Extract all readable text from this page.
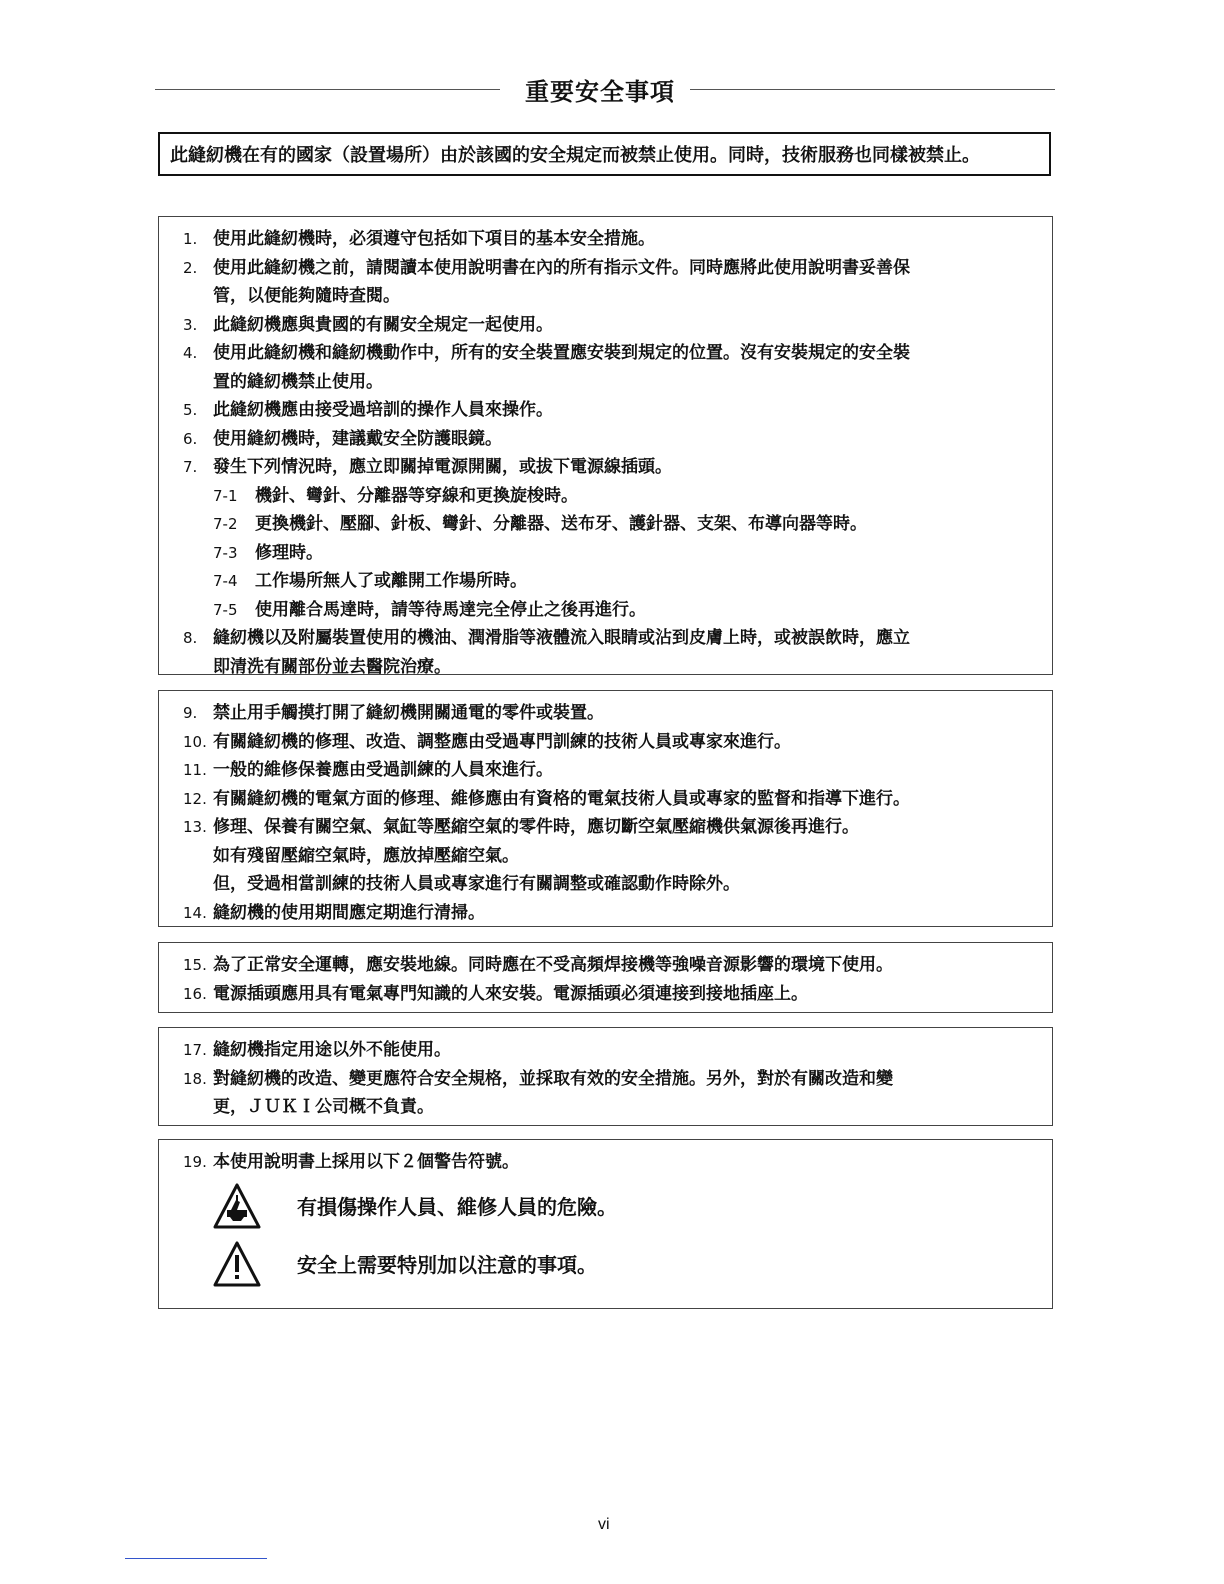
重要安全事項
此縫紉機在有的國家（設置場所）由於該國的安全規定而被禁止使用。同時，技術服務也同樣被禁止。
1. 使用此縫紉機時，必須遵守包括如下項目的基本安全措施。
2. 使用此縫紉機之前，請閱讀本使用說明書在內的所有指示文件。同時應將此使用說明書妥善保
管，以便能夠隨時查閱。
3. 此縫紉機應與貴國的有關安全規定一起使用。
4. 使用此縫紉機和縫紉機動作中，所有的安全裝置應安裝到規定的位置。沒有安裝規定的安全裝
置的縫紉機禁止使用。
5. 此縫紉機應由接受過培訓的操作人員來操作。
6. 使用縫紉機時，建議戴安全防護眼鏡。
7. 發生下列情況時，應立即關掉電源開關，或拔下電源線插頭。
7-1	機針、彎針、分離器等穿線和更換旋梭時。
7-2	更換機針、壓腳、針板、彎針、分離器、送布牙、護針器、支架、布導向器等時。
7-3	修理時。
7-4	工作場所無人了或離開工作場所時。
7-5	使用離合馬達時，請等待馬達完全停止之後再進行。
8. 縫紉機以及附屬裝置使用的機油、潤滑脂等液體流入眼睛或沾到皮膚上時，或被誤飲時，應立
即清洗有關部份並去醫院治療。
9. 禁止用手觸摸打開了縫紉機開關通電的零件或裝置。
10. 有關縫紉機的修理、改造、調整應由受過專門訓練的技術人員或專家來進行。
11. 一般的維修保養應由受過訓練的人員來進行。
12. 有關縫紉機的電氣方面的修理、維修應由有資格的電氣技術人員或專家的監督和指導下進行。
13. 修理、保養有關空氣、氣缸等壓縮空氣的零件時，應切斷空氣壓縮機供氣源後再進行。
如有殘留壓縮空氣時，應放掉壓縮空氣。
但，受過相當訓練的技術人員或專家進行有關調整或確認動作時除外。
14. 縫紉機的使用期間應定期進行清掃。
15. 為了正常安全運轉，應安裝地線。同時應在不受高頻焊接機等強噪音源影響的環境下使用。
16. 電源插頭應用具有電氣專門知識的人來安裝。電源插頭必須連接到接地插座上。
17. 縫紉機指定用途以外不能使用。
18. 對縫紉機的改造、變更應符合安全規格，並採取有效的安全措施。另外，對於有關改造和變
更，ＪＵＫＩ公司概不負責。
19. 本使用說明書上採用以下２個警告符號。
有損傷操作人員、維修人員的危險。
安全上需要特別加以注意的事項。
vi
